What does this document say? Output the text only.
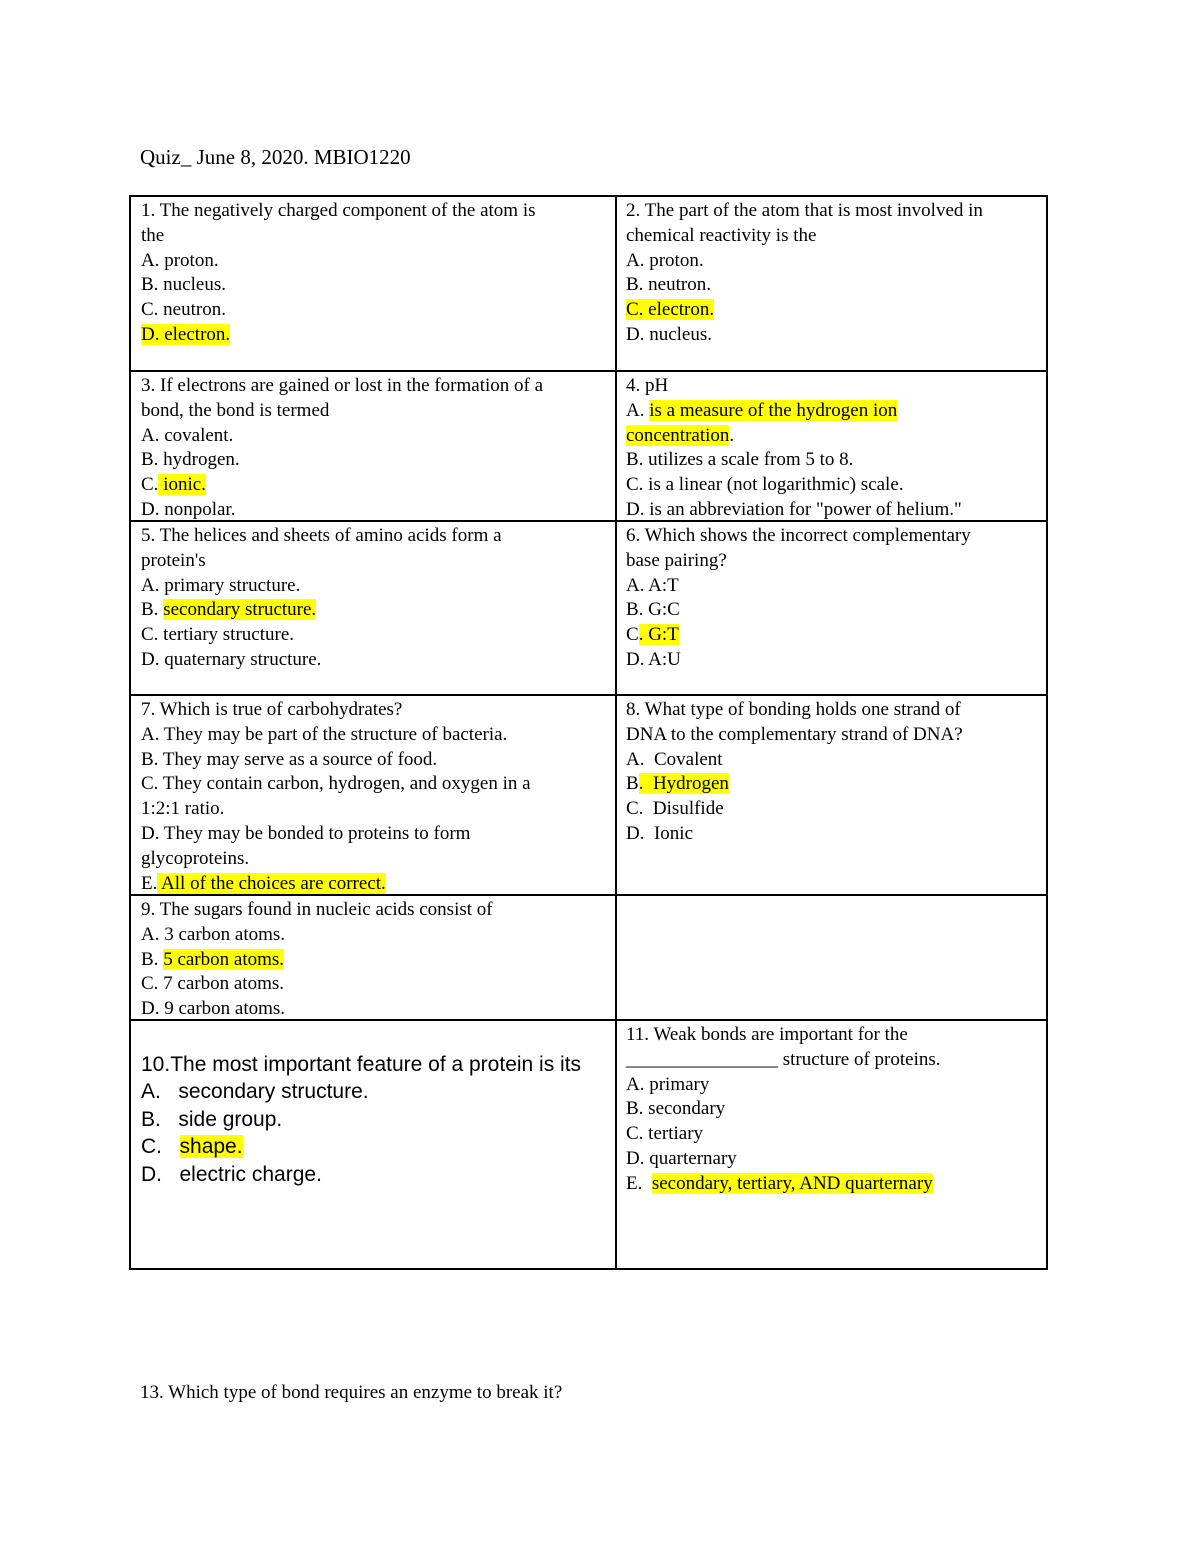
Quiz_ June 8, 2020. MBIO1220
1. The negatively charged component of the atom is
the
A. proton.
B. nucleus.
C. neutron.
D. electron.
2. The part of the atom that is most involved in
chemical reactivity is the
A. proton.
B. neutron.
C. electron.
D. nucleus.
3. If electrons are gained or lost in the formation of a
bond, the bond is termed
A. covalent.
B. hydrogen.
C. ionic.
D. nonpolar.
4. pH
A. is a measure of the hydrogen ion
concentration.
B. utilizes a scale from 5 to 8.
C. is a linear (not logarithmic) scale.
D. is an abbreviation for "power of helium."
5. The helices and sheets of amino acids form a
protein's
A. primary structure.
B. secondary structure.
C. tertiary structure.
D. quaternary structure.
6. Which shows the incorrect complementary
base pairing?
A. A:T
B. G:C
C. G:T
D. A:U
7. Which is true of carbohydrates?
A. They may be part of the structure of bacteria.
B. They may serve as a source of food.
C. They contain carbon, hydrogen, and oxygen in a
1:2:1 ratio.
D. They may be bonded to proteins to form
glycoproteins.
E. All of the choices are correct.
8. What type of bonding holds one strand of
DNA to the complementary strand of DNA?
A.  Covalent
B.  Hydrogen
C.  Disulfide
D.  Ionic
9. The sugars found in nucleic acids consist of
A. 3 carbon atoms.
B. 5 carbon atoms.
C. 7 carbon atoms.
D. 9 carbon atoms.
10.The most important feature of a protein is its
A.   secondary structure.
B.   side group.
C.   shape.
D.   electric charge.
11. Weak bonds are important for the
________________ structure of proteins.
A. primary
B. secondary
C. tertiary
D. quarternary
E.  secondary, tertiary, AND quarternary
13. Which type of bond requires an enzyme to break it?
